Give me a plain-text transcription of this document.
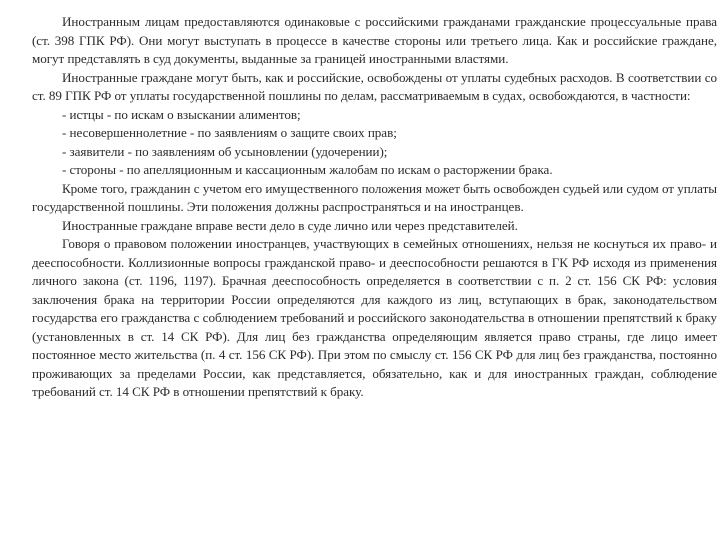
Иностранным лицам предоставляются одинаковые с российскими гражданами гражданские процессуальные права (ст. 398 ГПК РФ). Они могут выступать в процессе в качестве стороны или третьего лица. Как и российские граждане, могут представлять в суд документы, выданные за границей иностранными властями.

Иностранные граждане могут быть, как и российские, освобождены от уплаты судебных расходов. В соответствии со ст. 89 ГПК РФ от уплаты государственной пошлины по делам, рассматриваемым в судах, освобождаются, в частности:

- истцы - по искам о взыскании алиментов;

- несовершеннолетние - по заявлениям о защите своих прав;

- заявители - по заявлениям об усыновлении (удочерении);

- стороны - по апелляционным и кассационным жалобам по искам о расторжении брака.

Кроме того, гражданин с учетом его имущественного положения может быть освобожден судьей или судом от уплаты государственной пошлины. Эти положения должны распространяться и на иностранцев.

Иностранные граждане вправе вести дело в суде лично или через представителей.

Говоря о правовом положении иностранцев, участвующих в семейных отношениях, нельзя не коснуться их право- и дееспособности. Коллизионные вопросы гражданской право- и дееспособности решаются в ГК РФ исходя из применения личного закона (ст. 1196, 1197). Брачная дееспособность определяется в соответствии с п. 2 ст. 156 СК РФ: условия заключения брака на территории России определяются для каждого из лиц, вступающих в брак, законодательством государства его гражданства с соблюдением требований и российского законодательства в отношении препятствий к браку (установленных в ст. 14 СК РФ). Для лиц без гражданства определяющим является право страны, где лицо имеет постоянное место жительства (п. 4 ст. 156 СК РФ). При этом по смыслу ст. 156 СК РФ для лиц без гражданства, постоянно проживающих за пределами России, как представляется, обязательно, как и для иностранных граждан, соблюдение требований ст. 14 СК РФ в отношении препятствий к браку.
